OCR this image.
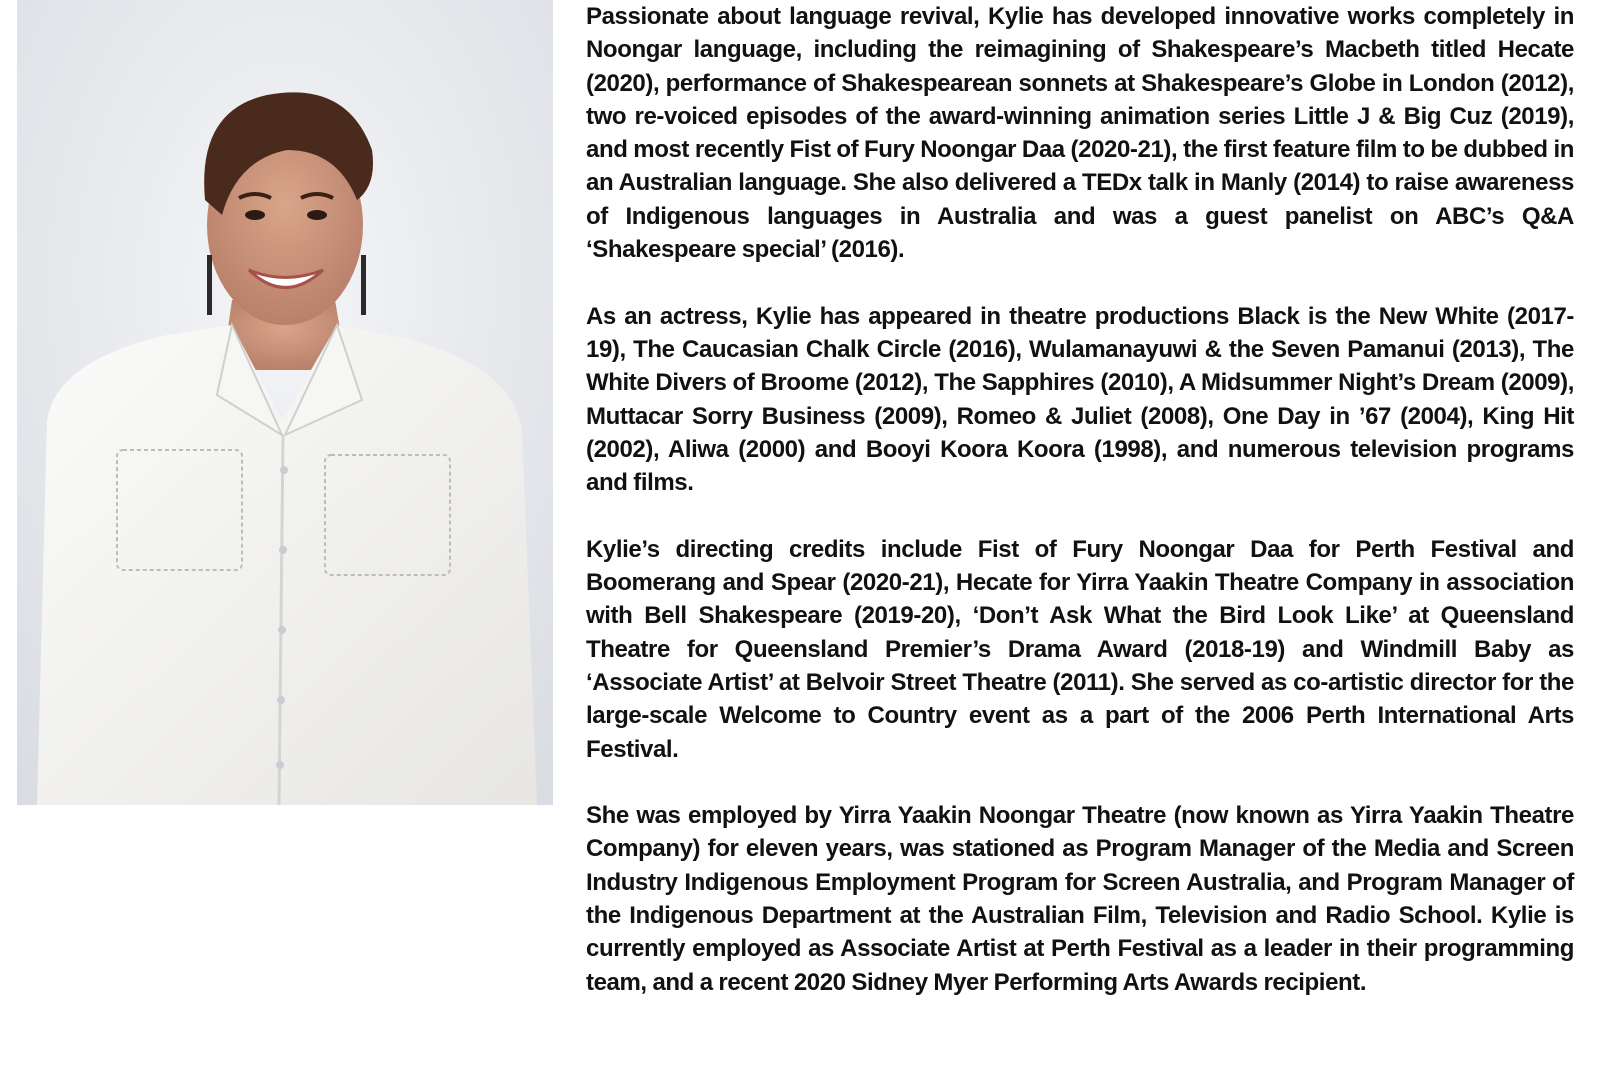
Passionate about language revival, Kylie has developed innovative works completely in Noongar language, including the reimagining of Shakespeare’s Macbeth titled Hecate (2020), performance of Shakespearean sonnets at Shakespeare’s Globe in London (2012), two re-voiced episodes of the award-winning animation series Little J & Big Cuz (2019), and most recently Fist of Fury Noongar Daa (2020-21), the first feature film to be dubbed in an Australian language. She also delivered a TEDx talk in Manly (2014) to raise awareness of Indigenous languages in Australia and was a guest panelist on ABC’s Q&A ‘Shakespeare special’ (2016).

As an actress, Kylie has appeared in theatre productions Black is the New White (2017-19), The Caucasian Chalk Circle (2016), Wulamanayuwi & the Seven Pamanui (2013), The White Divers of Broome (2012), The Sapphires (2010), A Midsummer Night’s Dream (2009), Muttacar Sorry Business (2009), Romeo & Juliet (2008), One Day in ’67 (2004), King Hit (2002), Aliwa (2000) and Booyi Koora Koora (1998), and numerous television programs and films.

Kylie’s directing credits include Fist of Fury Noongar Daa for Perth Festival and Boomerang and Spear (2020-21), Hecate for Yirra Yaakin Theatre Company in association with Bell Shakespeare (2019-20), ‘Don’t Ask What the Bird Look Like’ at Queensland Theatre for Queensland Premier’s Drama Award (2018-19) and Windmill Baby as ‘Associate Artist’ at Belvoir Street Theatre (2011). She served as co-artistic director for the large-scale Welcome to Country event as a part of the 2006 Perth International Arts Festival.

She was employed by Yirra Yaakin Noongar Theatre (now known as Yirra Yaakin Theatre Company) for eleven years, was stationed as Program Manager of the Media and Screen Industry Indigenous Employment Program for Screen Australia, and Program Manager of the Indigenous Department at the Australian Film, Television and Radio School. Kylie is currently employed as Associate Artist at Perth Festival as a leader in their programming team, and a recent 2020 Sidney Myer Performing Arts Awards recipient.
